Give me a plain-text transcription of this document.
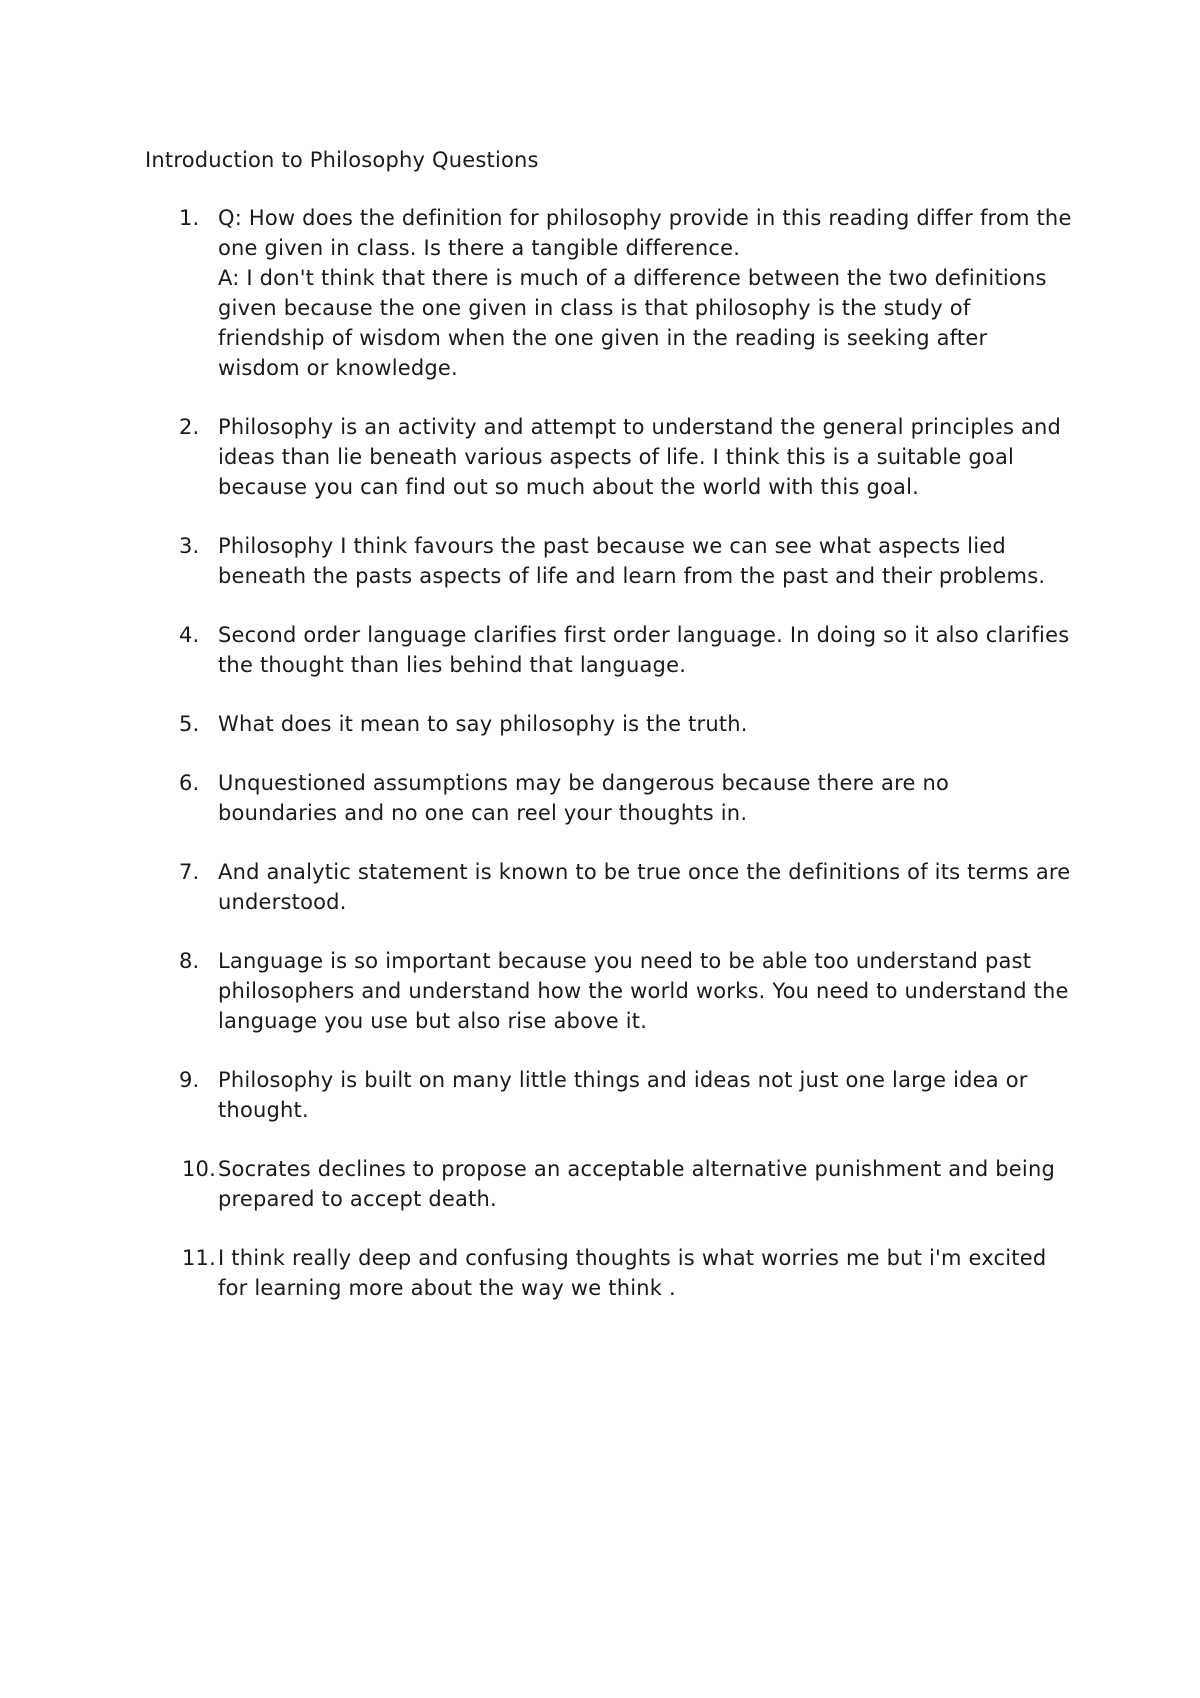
Introduction to Philosophy Questions
1. Q: How does the definition for philosophy provide in this reading differ from the one given in class. Is there a tangible difference.
A: I don't think that there is much of a difference between the two definitions given because the one given in class is that philosophy is the study of friendship of wisdom when the one given in the reading is seeking after wisdom or knowledge.
2. Philosophy is an activity and attempt to understand the general principles and ideas than lie beneath various aspects of life. I think this is a suitable goal because you can find out so much about the world with this goal.
3. Philosophy I think favours the past because we can see what aspects lied beneath the pasts aspects of life and learn from the past and their problems.
4. Second order language clarifies first order language. In doing so it also clarifies the thought than lies behind that language.
5. What does it mean to say philosophy is the truth.
6. Unquestioned assumptions may be dangerous because there are no boundaries and no one can reel your thoughts in.
7. And analytic statement is known to be true once the definitions of its terms are understood.
8. Language is so important because you need to be able too understand past philosophers and understand how the world works. You need to understand the language you use but also rise above it.
9. Philosophy is built on many little things and ideas not just one large idea or thought.
10. Socrates declines to propose an acceptable alternative punishment and being prepared to accept death.
11. I think really deep and confusing thoughts is what worries me but i'm excited for learning more about the way we think .
